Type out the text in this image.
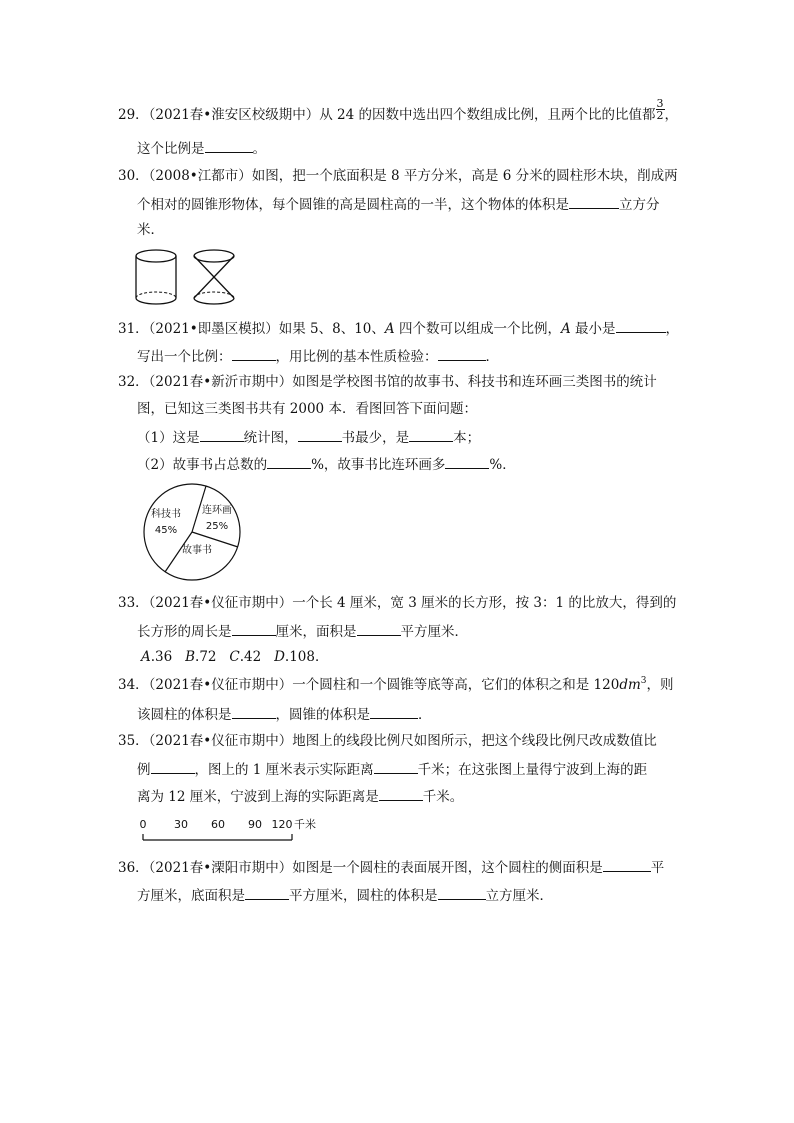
29．（2021春•淮安区校级期中）从 24 的因数中选出四个数组成比例，且两个比的比值都 $\frac{3}{2}$ ，
这个比例是	。
30．（2008•江都市）如图，把一个底面积是 8 平方分米，高是 6 分米的圆柱形木块，削成两
个相对的圆锥形物体，每个圆锥的高是圆柱高的一半，这个物体的体积是	立方分
米．
31．（2021•即墨区模拟）如果 5、8、10、A 四个数可以组成一个比例，A 最小是	，
写出一个比例：	，用比例的基本性质检验：	．
32．（2021春•新沂市期中）如图是学校图书馆的故事书、科技书和连环画三类图书的统计
图，已知这三类图书共有 2000 本．看图回答下面问题：
（1）这是	统计图，	书最少，是	本；
（2）故事书占总数的	%，故事书比连环画多	%．
科技书
45%
连环画
25%
故事书
33．（2021春•仪征市期中）一个长 4 厘米，宽 3 厘米的长方形，按 3：1 的比放大，得到的
长方形的周长是	厘米，面积是	平方厘米．
A.36 B.72 C.42 D.108．
34．（2021春•仪征市期中）一个圆柱和一个圆锥等底等高，它们的体积之和是 $120dm^3$，则
该圆柱的体积是	，圆锥的体积是	．
35．（2021春•仪征市期中）地图上的线段比例尺如图所示，把这个线段比例尺改成数值比
例	，图上的 1 厘米表示实际距离	千米；在这张图上量得宁波到上海的距
离为 12 厘米，宁波到上海的实际距离是	千米。
0	30 60 90 120 千米
36．（2021春•溧阳市期中）如图是一个圆柱的表面展开图，这个圆柱的侧面积是	平
方厘米，底面积是	平方厘米，圆柱的体积是	立方厘米．
